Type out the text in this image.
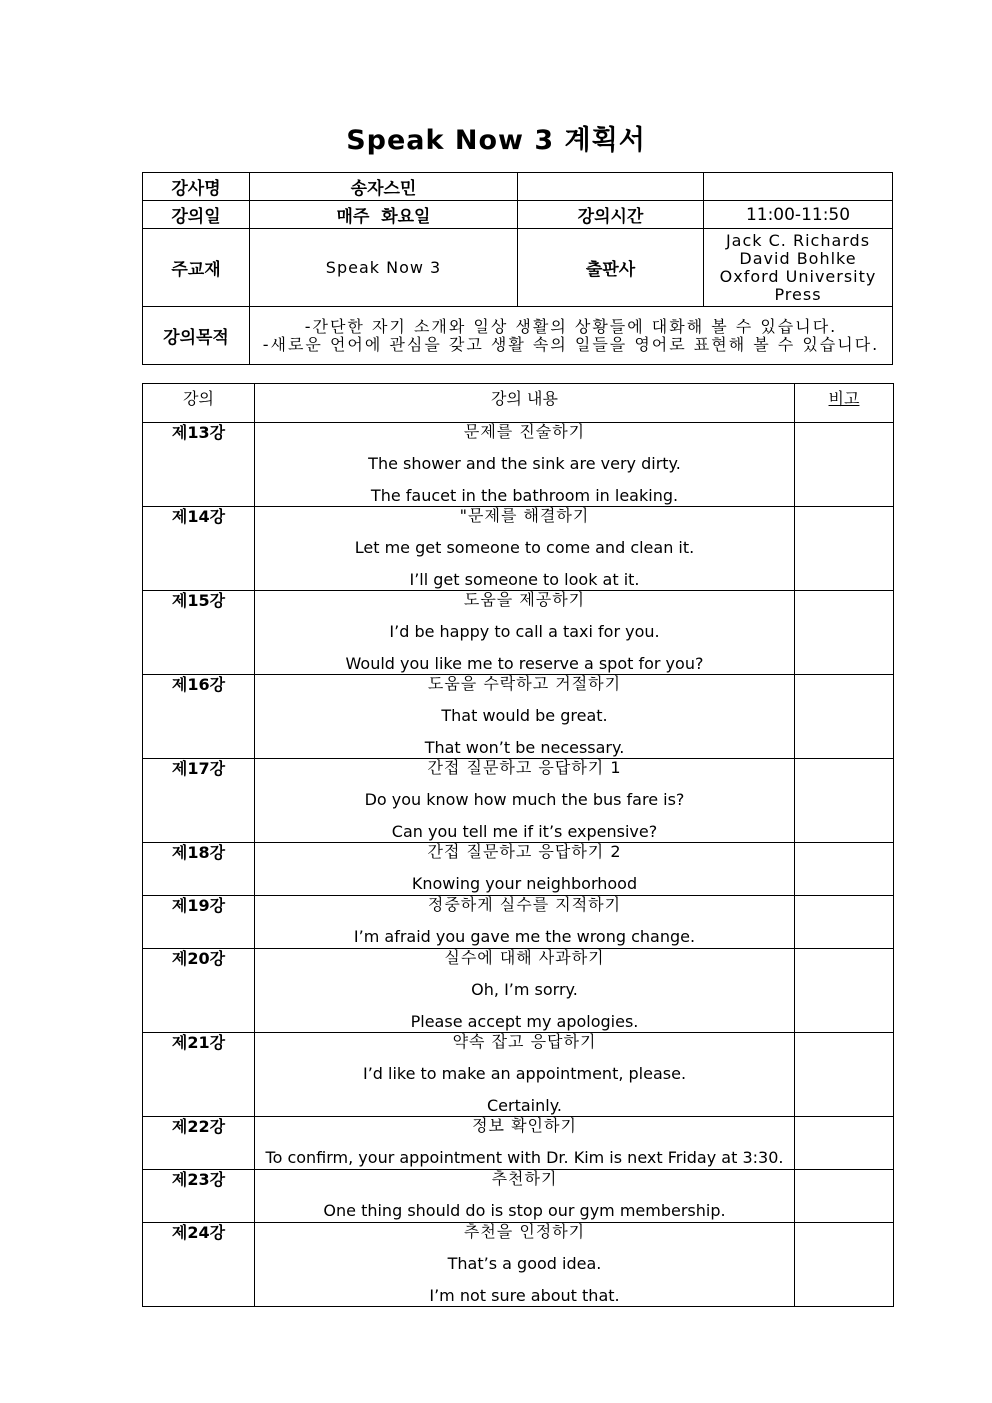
Speak Now 3 계획서
강사명	송자스민		
강의일	매주  화요일	강의시간	11:00-11:50
주교재	Speak Now 3	출판사	Jack C. Richards
David Bohlke
Oxford University
Press

강의목적	-간단한 자기 소개와 일상 생활의 상황들에 대화해 볼 수 있습니다.
-새로운 언어에 관심을 갖고 생활 속의 일들을 영어로 표현해 볼 수 있습니다.		
강의	강의 내용	비고
제13강	문제를 진술하기
The shower and the sink are very dirty.
The faucet in the bathroom in leaking.	

제14강	"문제를 해결하기
Let me get someone to come and clean it.
I’ll get someone to look at it.	

제15강	도움을 제공하기
I’d be happy to call a taxi for you.
Would you like me to reserve a spot for you?	

제16강	도움을 수락하고 거절하기
That would be great.
That won’t be necessary.	

제17강	간접 질문하고 응답하기 1
Do you know how much the bus fare is?
Can you tell me if it’s expensive?	

제18강	간접 질문하고 응답하기 2
Knowing your neighborhood	

제19강	정중하게 실수를 지적하기
I’m afraid you gave me the wrong change.	

제20강	실수에 대해 사과하기
Oh, I’m sorry.
Please accept my apologies.	

제21강	약속 잡고 응답하기
I’d like to make an appointment, please.
Certainly.	

제22강	정보 확인하기
To confirm, your appointment with Dr. Kim is next Friday at 3:30.	

제23강	추천하기
One thing should do is stop our gym membership.	

제24강	추천을 인정하기
That’s a good idea.
I’m not sure about that.	
